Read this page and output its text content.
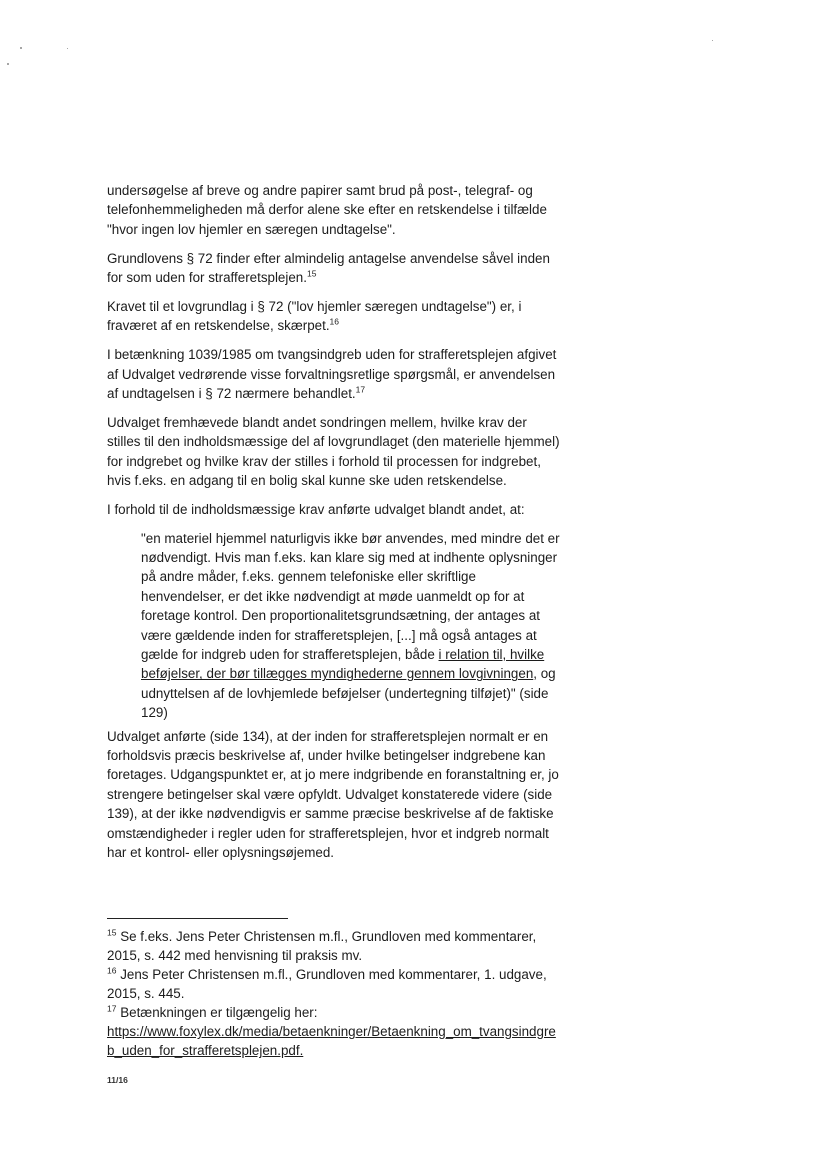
undersøgelse af breve og andre papirer samt brud på post-, telegraf- og telefonhemmeligheden må derfor alene ske efter en retskendelse i tilfælde "hvor ingen lov hjemler en særegen undtagelse".

Grundlovens § 72 finder efter almindelig antagelse anvendelse såvel inden for som uden for strafferetsplejen.$^{15}$

Kravet til et lovgrundlag i § 72 ("lov hjemler særegen undtagelse") er, i fraværet af en retskendelse, skærpet.$^{16}$

I betænkning 1039/1985 om tvangsindgreb uden for strafferetsplejen afgivet af Udvalget vedrørende visse forvaltningsretlige spørgsmål, er anvendelsen af undtagelsen i § 72 nærmere behandlet.$^{17}$

Udvalget fremhævede blandt andet sondringen mellem, hvilke krav der stilles til den indholdsmæssige del af lovgrundlaget (den materielle hjemmel) for indgrebet og hvilke krav der stilles i forhold til processen for indgrebet, hvis f.eks. en adgang til en bolig skal kunne ske uden retskendelse.

I forhold til de indholdsmæssige krav anførte udvalget blandt andet, at:

"en materiel hjemmel naturligvis ikke bør anvendes, med mindre det er nødvendigt. Hvis man f.eks. kan klare sig med at indhente oplysninger på andre måder, f.eks. gennem telefoniske eller skriftlige henvendelser, er det ikke nødvendigt at møde uanmeldt op for at foretage kontrol. Den proportionalitetsgrundsætning, der antages at være gældende inden for strafferetsplejen, [...] må også antages at gælde for indgreb uden for strafferetsplejen, både i relation til, hvilke beføjelser, der bør tillægges myndighederne gennem lovgivningen, og udnyttelsen af de lovhjemlede beføjelser (undertegning tilføjet)" (side 129)

Udvalget anførte (side 134), at der inden for strafferetsplejen normalt er en forholdsvis præcis beskrivelse af, under hvilke betingelser indgrebene kan foretages. Udgangspunktet er, at jo mere indgribende en foranstaltning er, jo strengere betingelser skal være opfyldt. Udvalget konstaterede videre (side 139), at der ikke nødvendigvis er samme præcise beskrivelse af de faktiske omstændigheder i regler uden for strafferetsplejen, hvor et indgreb normalt har et kontrol- eller oplysningsøjemed.

$^{15}$ Se f.eks. Jens Peter Christensen m.fl., Grundloven med kommentarer, 2015, s. 442 med henvisning til praksis mv.

$^{16}$ Jens Peter Christensen m.fl., Grundloven med kommentarer, 1. udgave, 2015, s. 445.

$^{17}$ Betænkningen er tilgængelig her:
https://www.foxylex.dk/media/betaenkninger/Betaenkning_om_tvangsindgreb_uden_for_strafferetsplejen.pdf.

11/16
